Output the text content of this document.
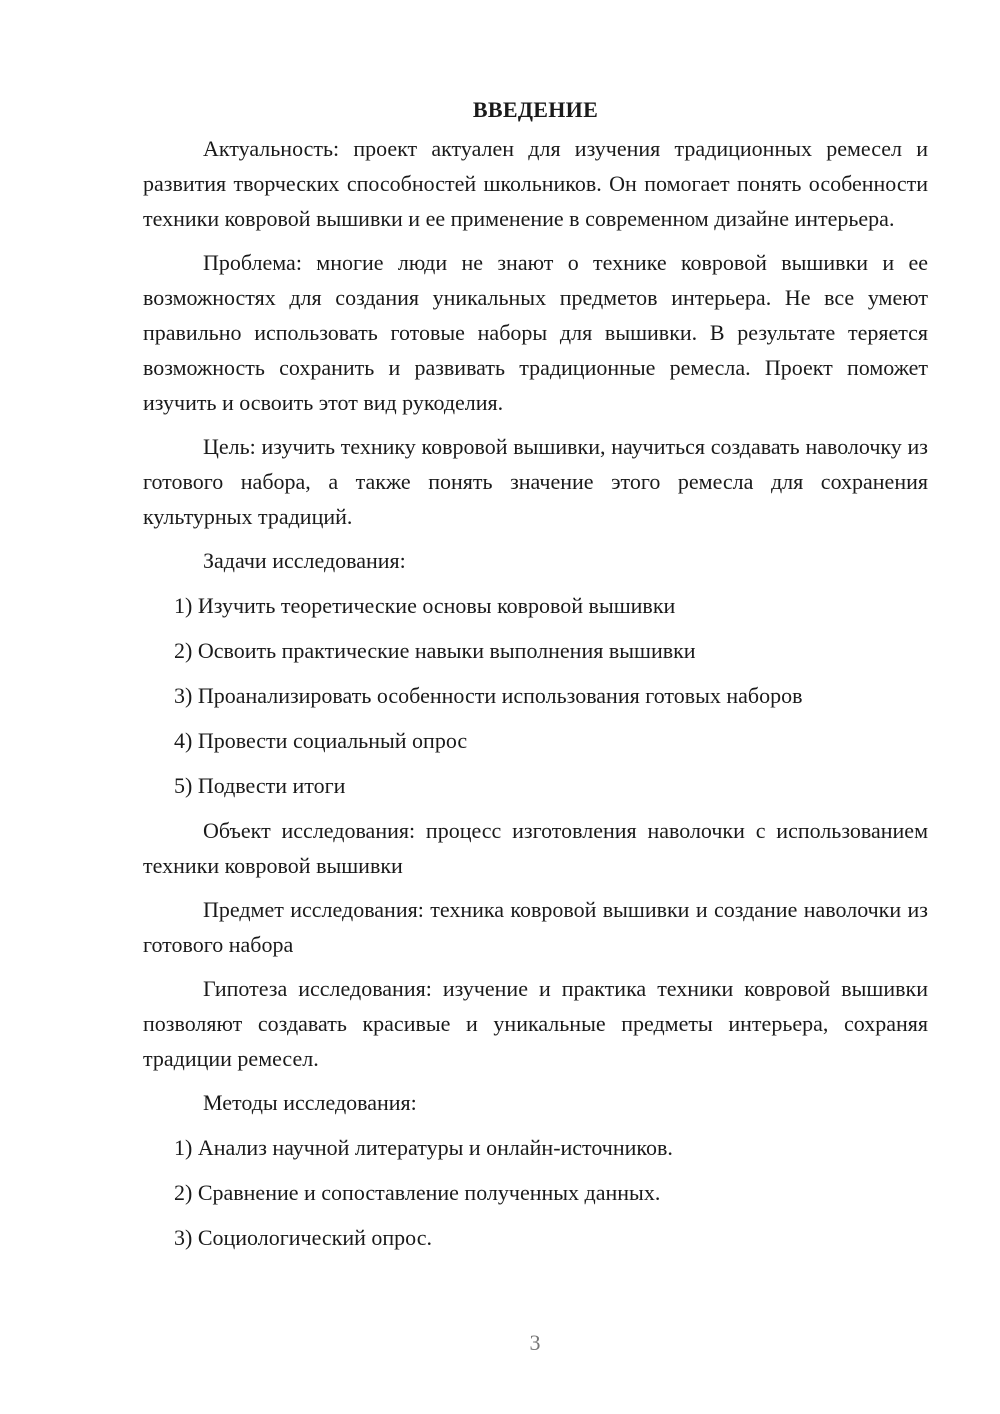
ВВЕДЕНИЕ

Актуальность: проект актуален для изучения традиционных ремесел и развития творческих способностей школьников. Он помогает понять особенности техники ковровой вышивки и ее применение в современном дизайне интерьера.

Проблема: многие люди не знают о технике ковровой вышивки и ее возможностях для создания уникальных предметов интерьера. Не все умеют правильно использовать готовые наборы для вышивки. В результате теряется возможность сохранить и развивать традиционные ремесла. Проект поможет изучить и освоить этот вид рукоделия.

Цель: изучить технику ковровой вышивки, научиться создавать наволочку из готового набора, а также понять значение этого ремесла для сохранения культурных традиций.

Задачи исследования:
1) Изучить теоретические основы ковровой вышивки
2) Освоить практические навыки выполнения вышивки
3) Проанализировать особенности использования готовых наборов
4) Провести социальный опрос
5) Подвести итоги

Объект исследования: процесс изготовления наволочки с использованием техники ковровой вышивки

Предмет исследования: техника ковровой вышивки и создание наволочки из готового набора

Гипотеза исследования: изучение и практика техники ковровой вышивки позволяют создавать красивые и уникальные предметы интерьера, сохраняя традиции ремесел.

Методы исследования:
1) Анализ научной литературы и онлайн-источников.
2) Сравнение и сопоставление полученных данных.
3) Социологический опрос.
3
